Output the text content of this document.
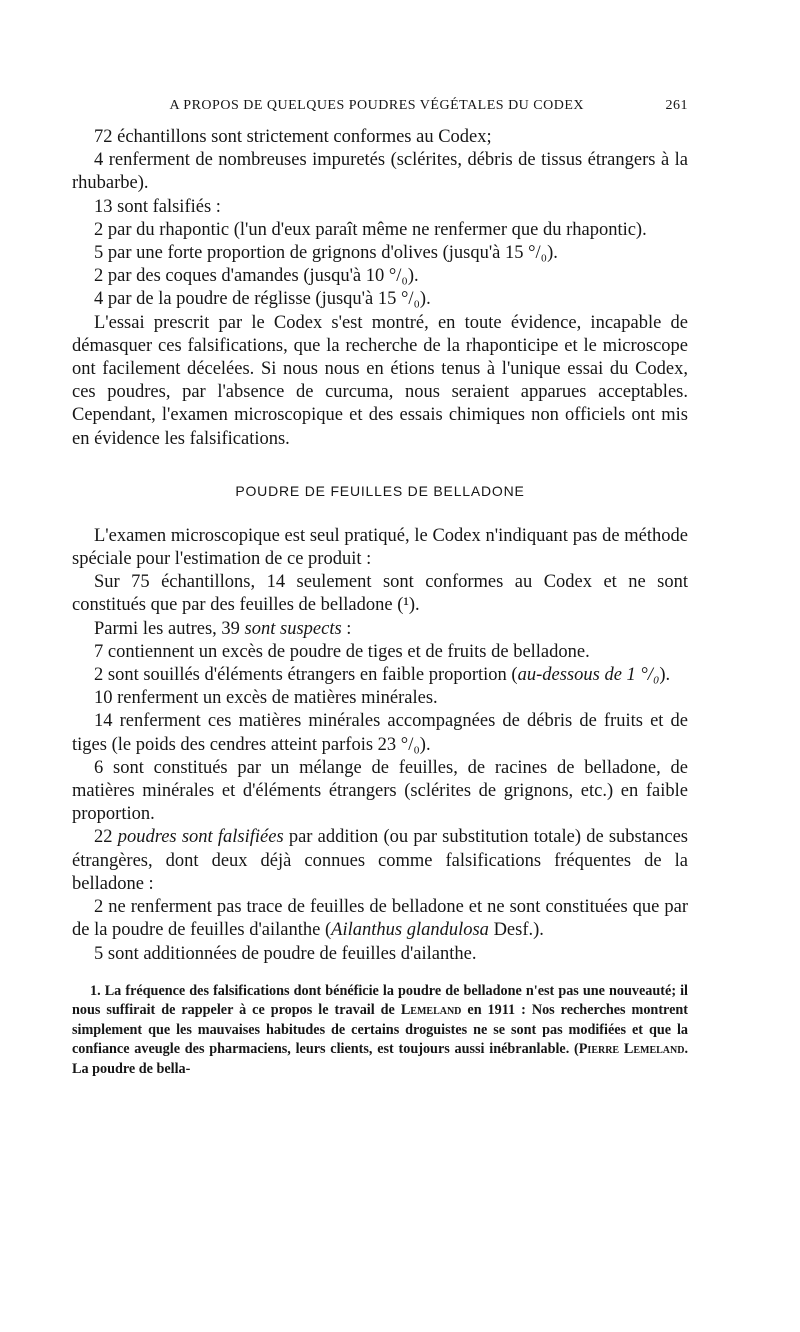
A PROPOS DE QUELQUES POUDRES VÉGÉTALES DU CODEX	261

72 échantillons sont strictement conformes au Codex;

4 renferment de nombreuses impuretés (sclérites, débris de tissus étrangers à la rhubarbe).

13 sont falsifiés :

2 par du rhapontic (l'un d'eux paraît même ne renfermer que du rhapontic).

5 par une forte proportion de grignons d'olives (jusqu'à 15 °/₀).

2 par des coques d'amandes (jusqu'à 10 °/₀).

4 par de la poudre de réglisse (jusqu'à 15 °/₀).

L'essai prescrit par le Codex s'est montré, en toute évidence, incapable de démasquer ces falsifications, que la recherche de la rhaponticipe et le microscope ont facilement décelées. Si nous nous en étions tenus à l'unique essai du Codex, ces poudres, par l'absence de curcuma, nous seraient apparues acceptables. Cependant, l'examen microscopique et des essais chimiques non officiels ont mis en évidence les falsifications.

POUDRE DE FEUILLES DE BELLADONE

L'examen microscopique est seul pratiqué, le Codex n'indiquant pas de méthode spéciale pour l'estimation de ce produit :

Sur 75 échantillons, 14 seulement sont conformes au Codex et ne sont constitués que par des feuilles de belladone (¹).

Parmi les autres, 39 sont suspects :

7 contiennent un excès de poudre de tiges et de fruits de belladone.

2 sont souillés d'éléments étrangers en faible proportion (au-dessous de 1 °/₀).

10 renferment un excès de matières minérales.

14 renferment ces matières minérales accompagnées de débris de fruits et de tiges (le poids des cendres atteint parfois 23 °/₀).

6 sont constitués par un mélange de feuilles, de racines de belladone, de matières minérales et d'éléments étrangers (sclérites de grignons, etc.) en faible proportion.

22 poudres sont falsifiées par addition (ou par substitution totale) de substances étrangères, dont deux déjà connues comme falsifications fréquentes de la belladone :

2 ne renferment pas trace de feuilles de belladone et ne sont constituées que par de la poudre de feuilles d'ailanthe (Ailanthus glandulosa Desf.).

5 sont additionnées de poudre de feuilles d'ailanthe.

1. La fréquence des falsifications dont bénéficie la poudre de belladone n'est pas une nouveauté; il nous suffirait de rappeler à ce propos le travail de Lemeland en 1911 : Nos recherches montrent simplement que les mauvaises habitudes de certains droguistes ne se sont pas modifiées et que la confiance aveugle des pharmaciens, leurs clients, est toujours aussi inébranlable. (Pierre Lemeland. La poudre de bella-
